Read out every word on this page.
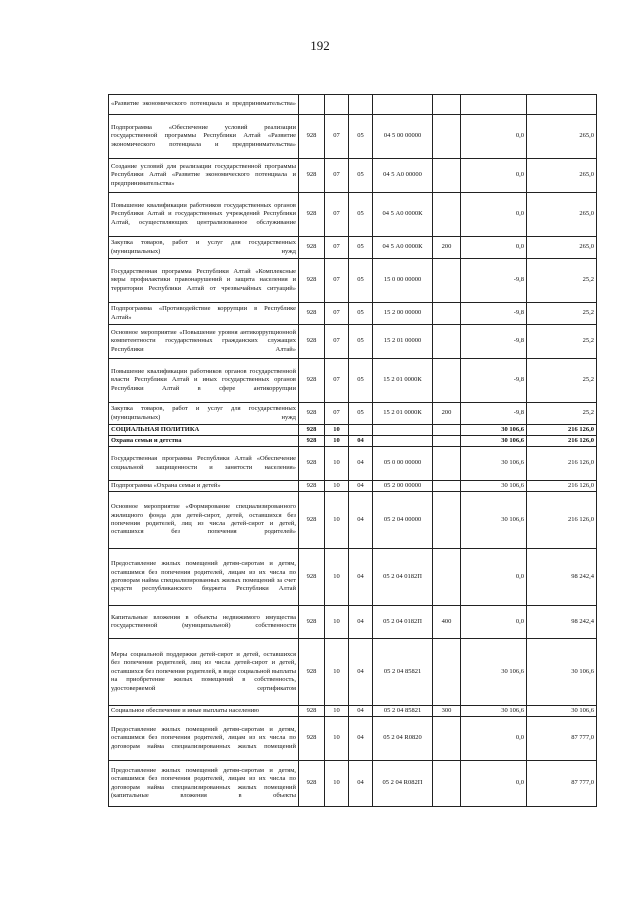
192
«Развитие экономического потенциала и предпринимательства»							
Подпрограмма «Обеспечение условий реализации государственной программы Республики Алтай «Развитие экономического потенциала и предпринимательства»	928	07	05	04 5 00 00000		0,0	265,0
Создание условий для реализации государственной программы Республики Алтай «Развитие экономического потенциала и предпринимательства»	928	07	05	04 5 А0 00000		0,0	265,0
Повышение квалификации работников государственных органов Республики Алтай и государственных учреждений Республики Алтай, осуществляющих централизованное обслуживание	928	07	05	04 5 А0 0000К		0,0	265,0
Закупка товаров, работ и услуг для государственных (муниципальных) нужд	928	07	05	04 5 А0 0000К	200	0,0	265,0
Государственная программа Республики Алтай «Комплексные меры профилактики правонарушений и защита населения и территории Республики Алтай от чрезвычайных ситуаций»	928	07	05	15 0 00 00000		-9,8	25,2
Подпрограмма «Противодействие коррупции в Республике Алтай»	928	07	05	15 2 00 00000		-9,8	25,2
Основное мероприятие «Повышение уровня антикоррупционной компетентности государственных гражданских служащих Республики Алтай»	928	07	05	15 2 01 00000		-9,8	25,2
Повышение квалификации работников органов государственной власти Республики Алтай и иных государственных органов Республики Алтай в сфере антикоррупции	928	07	05	15 2 01 0000К		-9,8	25,2
Закупка товаров, работ и услуг для государственных (муниципальных) нужд	928	07	05	15 2 01 0000К	200	-9,8	25,2
СОЦИАЛЬНАЯ ПОЛИТИКА	928	10				30 106,6	216 126,0
Охрана семьи и детства	928	10	04			30 106,6	216 126,0
Государственная программа Республики Алтай «Обеспечение социальной защищенности и занятости населения»	928	10	04	05 0 00 00000		30 106,6	216 126,0
Подпрограмма «Охрана семьи и детей»	928	10	04	05 2 00 00000		30 106,6	216 126,0
Основное мероприятие «Формирование специализированного жилищного фонда для детей-сирот, детей, оставшихся без попечения родителей, лиц из числа детей-сирот и детей, оставшихся без попечения родителей»	928	10	04	05 2 04 00000		30 106,6	216 126,0
Предоставление жилых помещений детям-сиротам и детям, оставшимся без попечения родителей, лицам из их числа по договорам найма специализированных жилых помещений за счет средств республиканского бюджета Республики Алтай	928	10	04	05 2 04 0182П		0,0	98 242,4
Капитальные вложения в объекты недвижимого имущества государственной (муниципальной) собственности	928	10	04	05 2 04 0182П	400	0,0	98 242,4
Меры социальной поддержки детей-сирот и детей, оставшихся без попечения родителей, лиц из числа детей-сирот и детей, оставшихся без попечения родителей, в виде социальной выплаты на приобретение жилых помещений в собственность, удостоверяемой сертификатом	928	10	04	05 2 04 85821		30 106,6	30 106,6
Социальное обеспечение и иные выплаты населению	928	10	04	05 2 04 85821	300	30 106,6	30 106,6
Предоставление жилых помещений детям-сиротам и детям, оставшимся без попечения родителей, лицам из их числа по договорам найма специализированных жилых помещений	928	10	04	05 2 04 R0820		0,0	87 777,0
Предоставление жилых помещений детям-сиротам и детям, оставшимся без попечения родителей, лицам из их числа по договорам найма специализированных жилых помещений (капитальные вложения в объекты	928	10	04	05 2 04 R082П		0,0	87 777,0
